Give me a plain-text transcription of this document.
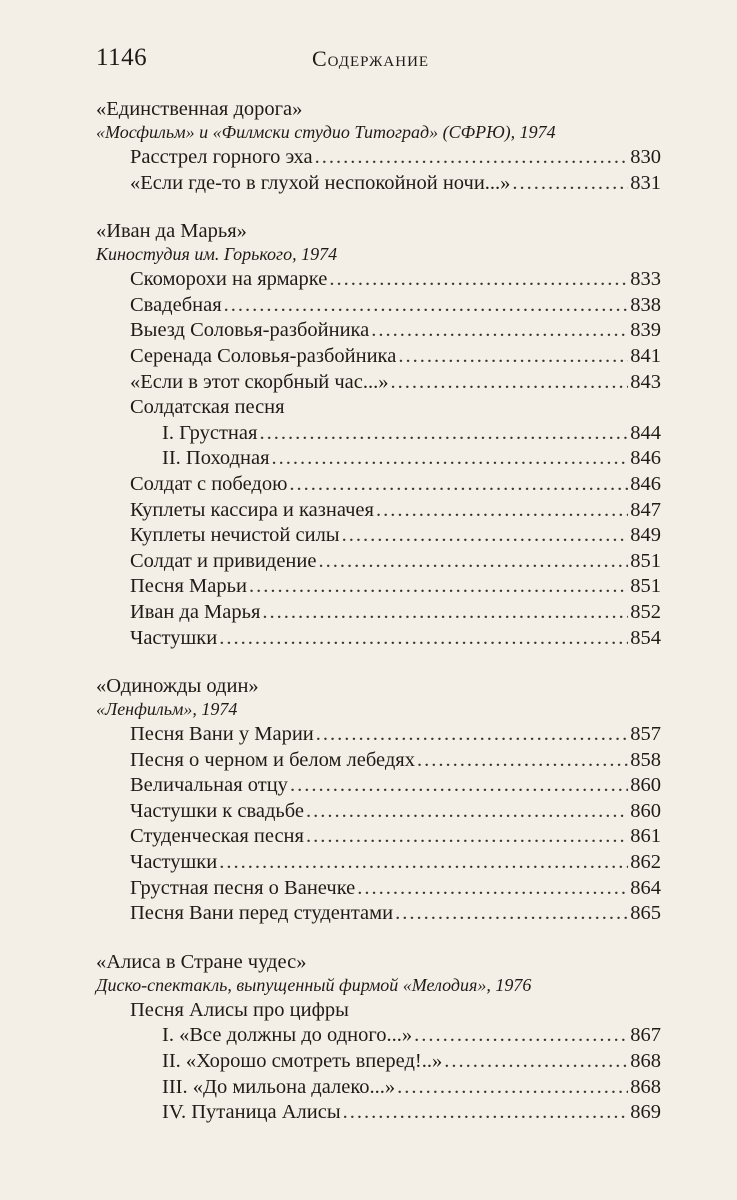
1146	Содержание
«Единственная дорога»
«Мосфильм» и «Филмски студио Титоград» (СФРЮ), 1974
Расстрел горного эха .....	830
«Если где-то в глухой неспокойной ночи...» .....	831
«Иван да Марья»
Киностудия им. Горького, 1974
Скоморохи на ярмарке .....	833
Свадебная .....	838
Выезд Соловья-разбойника .....	839
Серенада Соловья-разбойника .....	841
«Если в этот скорбный час...» .....	843
Солдатская песня
I. Грустная .....	844
II. Походная .....	846
Солдат с победою .....	846
Куплеты кассира и казначея .....	847
Куплеты нечистой силы .....	849
Солдат и привидение .....	851
Песня Марьи .....	851
Иван да Марья .....	852
Частушки .....	854
«Одиножды один»
«Ленфильм», 1974
Песня Вани у Марии .....	857
Песня о черном и белом лебедях .....	858
Величальная отцу .....	860
Частушки к свадьбе .....	860
Студенческая песня .....	861
Частушки .....	862
Грустная песня о Ванечке .....	864
Песня Вани перед студентами .....	865
«Алиса в Стране чудес»
Диско-спектакль, выпущенный фирмой «Мелодия», 1976
Песня Алисы про цифры
I. «Все должны до одного...» .....	867
II. «Хорошо смотреть вперед!..» .....	868
III. «До мильона далеко...» .....	868
IV. Путаница Алисы .....	869
